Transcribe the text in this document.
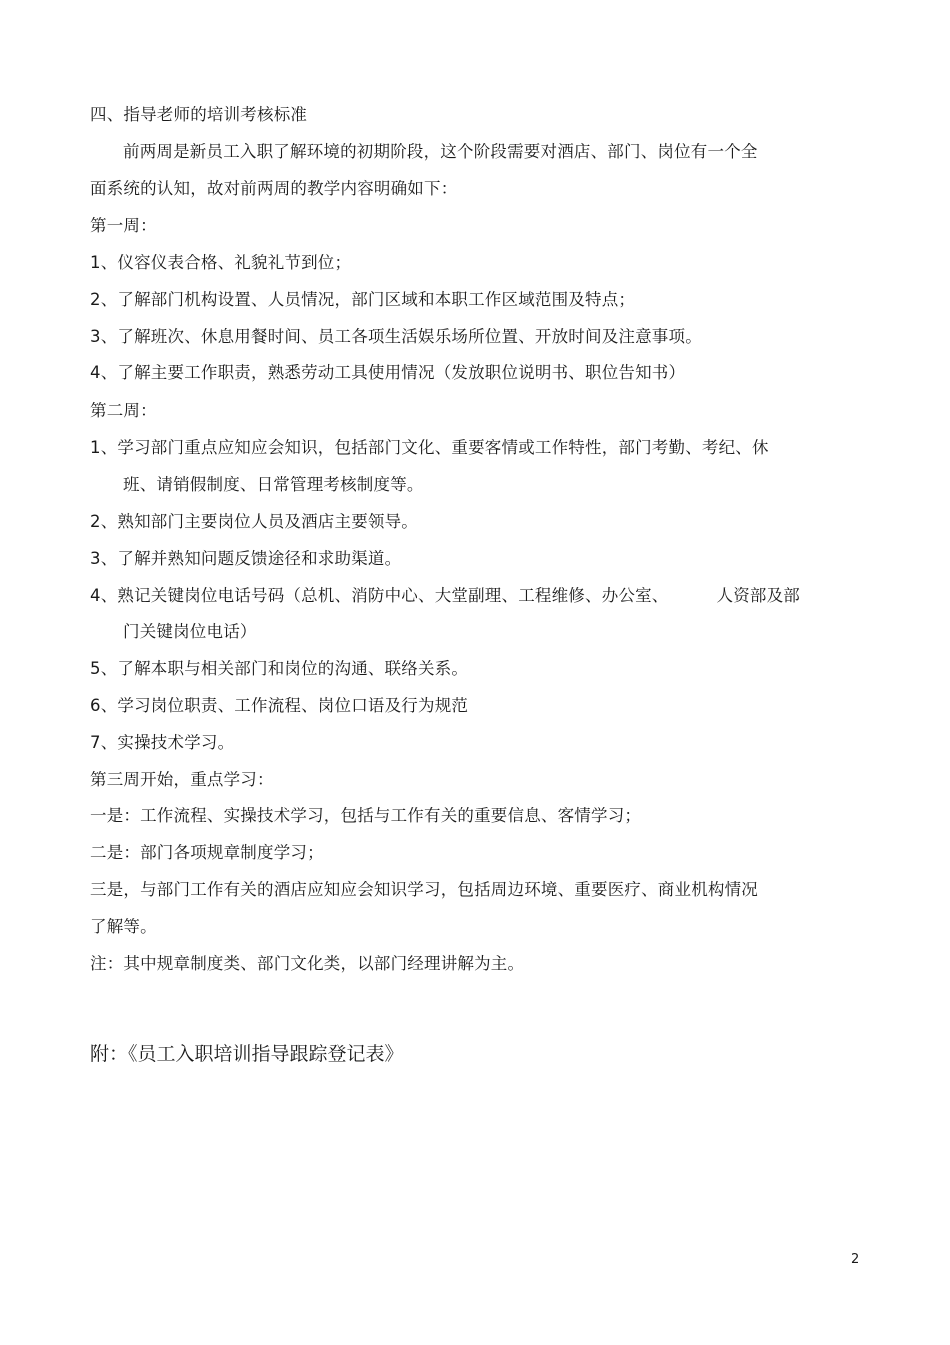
四、指导老师的培训考核标准
前两周是新员工入职了解环境的初期阶段，这个阶段需要对酒店、部门、岗位有一个全
面系统的认知，故对前两周的教学内容明确如下：
第一周：
1、仪容仪表合格、礼貌礼节到位；
2、了解部门机构设置、人员情况，部门区域和本职工作区域范围及特点；
3、了解班次、休息用餐时间、员工各项生活娱乐场所位置、开放时间及注意事项。
4、了解主要工作职责，熟悉劳动工具使用情况（发放职位说明书、职位告知书）
第二周：
1、学习部门重点应知应会知识，包括部门文化、重要客情或工作特性，部门考勤、考纪、休
班、请销假制度、日常管理考核制度等。
2、熟知部门主要岗位人员及酒店主要领导。
3、了解并熟知问题反馈途径和求助渠道。
4、熟记关键岗位电话号码（总机、消防中心、大堂副理、工程维修、办公室、	人资部及部
门关键岗位电话）
5、了解本职与相关部门和岗位的沟通、联络关系。
6、学习岗位职责、工作流程、岗位口语及行为规范
7、实操技术学习。
第三周开始，重点学习：
一是：工作流程、实操技术学习，包括与工作有关的重要信息、客情学习；
二是：部门各项规章制度学习；
三是，与部门工作有关的酒店应知应会知识学习，包括周边环境、重要医疗、商业机构情况
了解等。
注：其中规章制度类、部门文化类，以部门经理讲解为主。
附：《员工入职培训指导跟踪登记表》
2
